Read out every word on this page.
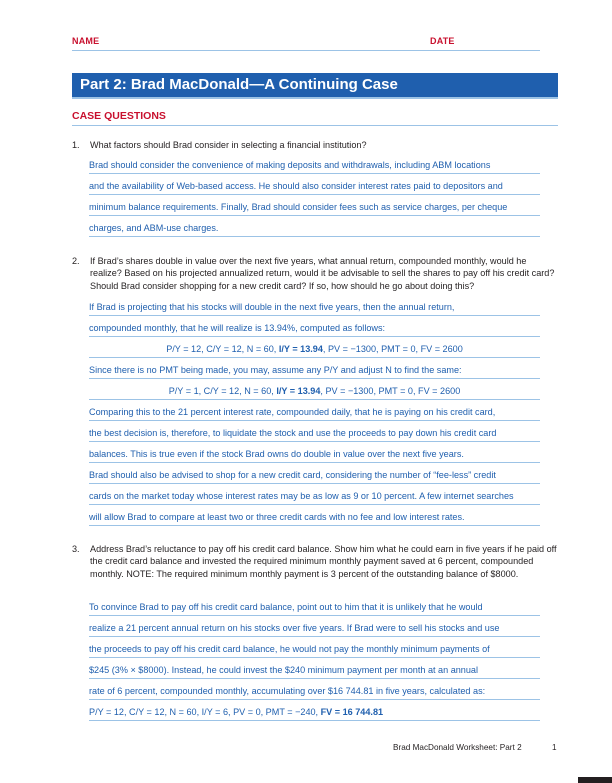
NAME	DATE
Part 2: Brad MacDonald—A Continuing Case
CASE QUESTIONS
1. What factors should Brad consider in selecting a financial institution?
Brad should consider the convenience of making deposits and withdrawals, including ABM locations
and the availability of Web-based access. He should also consider interest rates paid to depositors and
minimum balance requirements. Finally, Brad should consider fees such as service charges, per cheque
charges, and ABM-use charges.
2. If Brad’s shares double in value over the next five years, what annual return, compounded monthly, would he realize? Based on his projected annualized return, would it be advisable to sell the shares to pay off his credit card? Should Brad consider shopping for a new credit card? If so, how should he go about doing this?
If Brad is projecting that his stocks will double in the next five years, then the annual return,
compounded monthly, that he will realize is 13.94%, computed as follows:
P/Y = 12, C/Y = 12, N = 60, I/Y = 13.94, PV = −1300, PMT = 0, FV = 2600
Since there is no PMT being made, you may, assume any P/Y and adjust N to find the same:
P/Y = 1, C/Y = 12, N = 60, I/Y = 13.94, PV = −1300, PMT = 0, FV = 2600
Comparing this to the 21 percent interest rate, compounded daily, that he is paying on his credit card,
the best decision is, therefore, to liquidate the stock and use the proceeds to pay down his credit card
balances. This is true even if the stock Brad owns do double in value over the next five years.
Brad should also be advised to shop for a new credit card, considering the number of “fee-less” credit
cards on the market today whose interest rates may be as low as 9 or 10 percent. A few internet searches
will allow Brad to compare at least two or three credit cards with no fee and low interest rates.
3. Address Brad’s reluctance to pay off his credit card balance. Show him what he could earn in five years if he paid off the credit card balance and invested the required minimum monthly payment saved at 6 percent, compounded monthly. NOTE: The required minimum monthly payment is 3 percent of the outstanding balance of $8000.
To convince Brad to pay off his credit card balance, point out to him that it is unlikely that he would
realize a 21 percent annual return on his stocks over five years. If Brad were to sell his stocks and use
the proceeds to pay off his credit card balance, he would not pay the monthly minimum payments of
$245 (3% × $8000). Instead, he could invest the $240 minimum payment per month at an annual
rate of 6 percent, compounded monthly, accumulating over $16 744.81 in five years, calculated as:
P/Y = 12, C/Y = 12, N = 60, I/Y = 6, PV = 0, PMT = −240, FV = 16 744.81
Brad MacDonald Worksheet: Part 2	1
